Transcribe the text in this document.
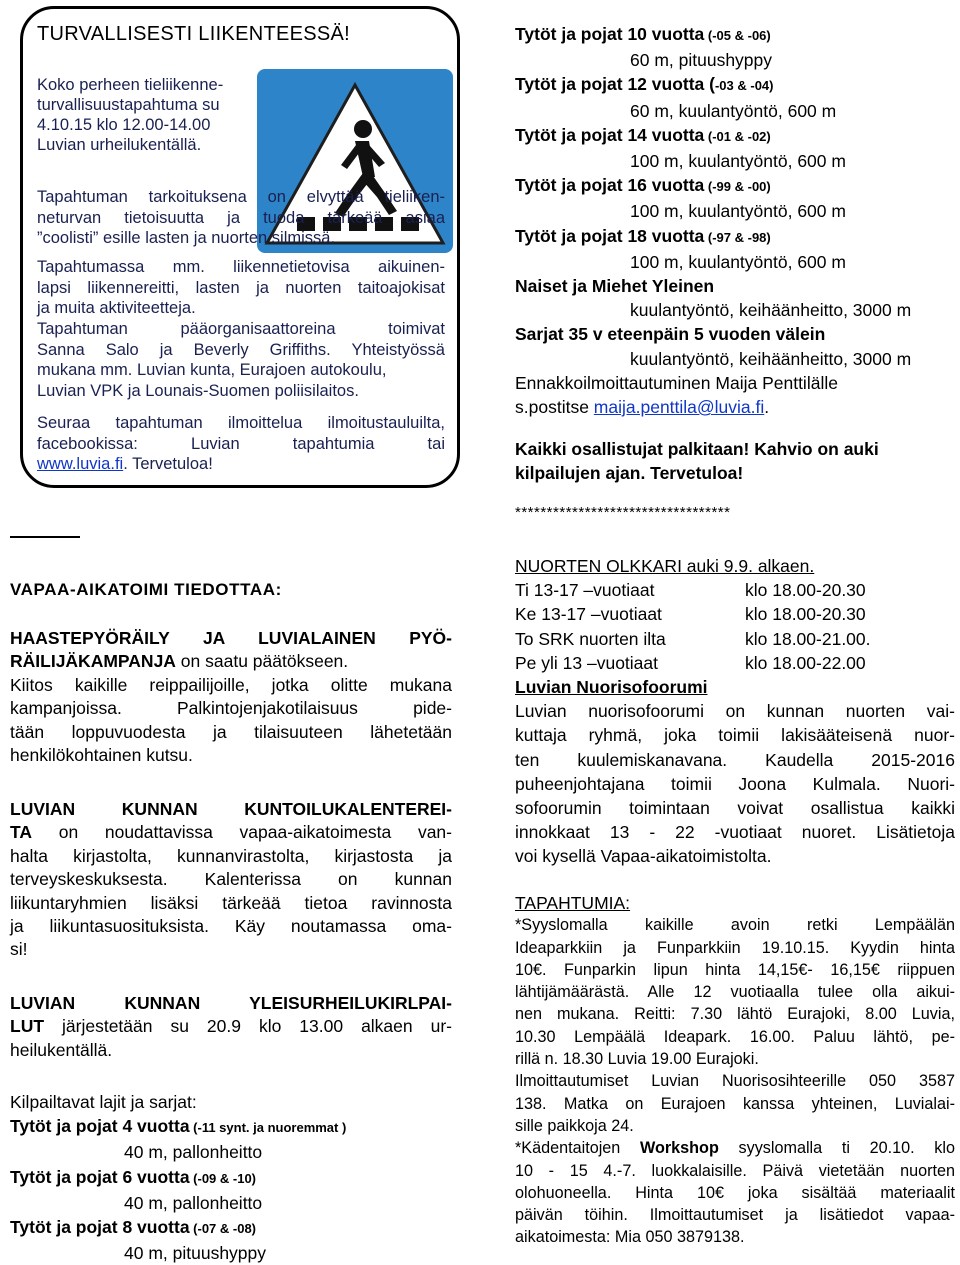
TURVALLISESTI LIIKENTEESSÄ!
Koko perheen tieliikenne-
turvallisuustapahtuma su
4.10.15 klo 12.00-14.00
Luvian urheilukentällä.
Tapahtuman tarkoituksena on elvyttää tieliiken-
neturvan tietoisuutta ja tuoda tärkeää asiaa
”coolisti” esille lasten ja nuorten silmissä.
Tapahtumassa mm. liikennetietovisa aikuinen-
lapsi liikennereitti, lasten ja nuorten taitoajokisat
ja muita aktiviteetteja.
Tapahtuman pääorganisaattoreina toimivat
Sanna Salo ja Beverly Griffiths. Yhteistyössä
mukana mm. Luvian kunta, Eurajoen autokoulu,
Luvian VPK ja Lounais-Suomen poliisilaitos.
Seuraa tapahtuman ilmoittelua ilmoitustauluilta,
facebookissa: Luvian tapahtumia tai
www.luvia.fi. Tervetuloa!
VAPAA-AIKATOIMI TIEDOTTAA:
HAASTEPYÖRÄILY JA LUVIALAINEN PYÖ-
RÄILIJÄKAMPANJA on saatu päätökseen.
Kiitos kaikille reippailijoille, jotka olitte mukana
kampanjoissa. Palkintojenjakotilaisuus pide-
tään loppuvuodesta ja tilaisuuteen lähetetään
henkilökohtainen kutsu.
LUVIAN KUNNAN KUNTOILUKALENTEREI-
TA on noudattavissa vapaa-aikatoimesta van-
halta kirjastolta, kunnanvirastolta, kirjastosta ja
terveyskeskuksesta. Kalenterissa on kunnan
liikuntaryhmien lisäksi tärkeää tietoa ravinnosta
ja liikuntasuosituksista. Käy noutamassa oma-
si!
LUVIAN KUNNAN YLEISURHEILUKIRLPAI-
LUT järjestetään su 20.9 klo 13.00 alkaen ur-
heilukentällä.
Kilpailtavat lajit ja sarjat:
Tytöt ja pojat 4 vuotta (-11 synt. ja nuoremmat )
40 m, pallonheitto
Tytöt ja pojat 6 vuotta (-09 & -10)
40 m, pallonheitto
Tytöt ja pojat 8 vuotta (-07 & -08)
40 m, pituushyppy
Tytöt ja pojat 10 vuotta (-05 & -06)
60 m, pituushyppy
Tytöt ja pojat 12 vuotta (-03 & -04)
60 m, kuulantyöntö, 600 m
Tytöt ja pojat 14 vuotta (-01 & -02)
100 m, kuulantyöntö, 600 m
Tytöt ja pojat 16 vuotta (-99 & -00)
100 m, kuulantyöntö, 600 m
Tytöt ja pojat 18 vuotta (-97 & -98)
100 m, kuulantyöntö, 600 m
Naiset ja Miehet Yleinen
kuulantyöntö, keihäänheitto, 3000 m
Sarjat 35 v eteenpäin 5 vuoden välein
kuulantyöntö, keihäänheitto, 3000 m
Ennakkoilmoittautuminen Maija Penttilälle
s.postitse maija.penttila@luvia.fi.
Kaikki osallistujat palkitaan! Kahvio on auki
kilpailujen ajan. Tervetuloa!
**********************************
NUORTEN OLKKARI auki 9.9. alkaen.
Ti 13-17 –vuotiaat	klo 18.00-20.30
Ke 13-17 –vuotiaat	klo 18.00-20.30
To SRK nuorten ilta	klo 18.00-21.00.
Pe yli 13 –vuotiaat	klo 18.00-22.00
Luvian Nuorisofoorumi
Luvian nuorisofoorumi on kunnan nuorten vai-
kuttaja ryhmä, joka toimii lakisääteisenä nuor-
ten kuulemiskanavana. Kaudella 2015-2016
puheenjohtajana toimii Joona Kulmala. Nuori-
sofoorumin toimintaan voivat osallistua kaikki
innokkaat 13 - 22 -vuotiaat nuoret. Lisätietoja
voi kysellä Vapaa-aikatoimistolta.
TAPAHTUMIA:
*Syyslomalla kaikille avoin retki Lempäälän
Ideaparkkiin ja Funparkkiin 19.10.15. Kyydin hinta
10€. Funparkin lipun hinta 14,15€- 16,15€ riippuen
lähtijämäärästä. Alle 12 vuotiaalla tulee olla aikui-
nen mukana. Reitti: 7.30 lähtö Eurajoki, 8.00 Luvia,
10.30 Lempäälä Ideapark. 16.00. Paluu lähtö, pe-
rillä n. 18.30 Luvia 19.00 Eurajoki.
Ilmoittautumiset Luvian Nuorisosihteerille 050 3587
138. Matka on Eurajoen kanssa yhteinen, Luvialai-
sille paikkoja 24.
*Kädentaitojen Workshop syyslomalla ti 20.10. klo
10 - 15 4.-7. luokkalaisille. Päivä vietetään nuorten
olohuoneella. Hinta 10€ joka sisältää materiaalit
päivän töihin. Ilmoittautumiset ja lisätiedot vapaa-
aikatoimesta: Mia 050 3879138.
